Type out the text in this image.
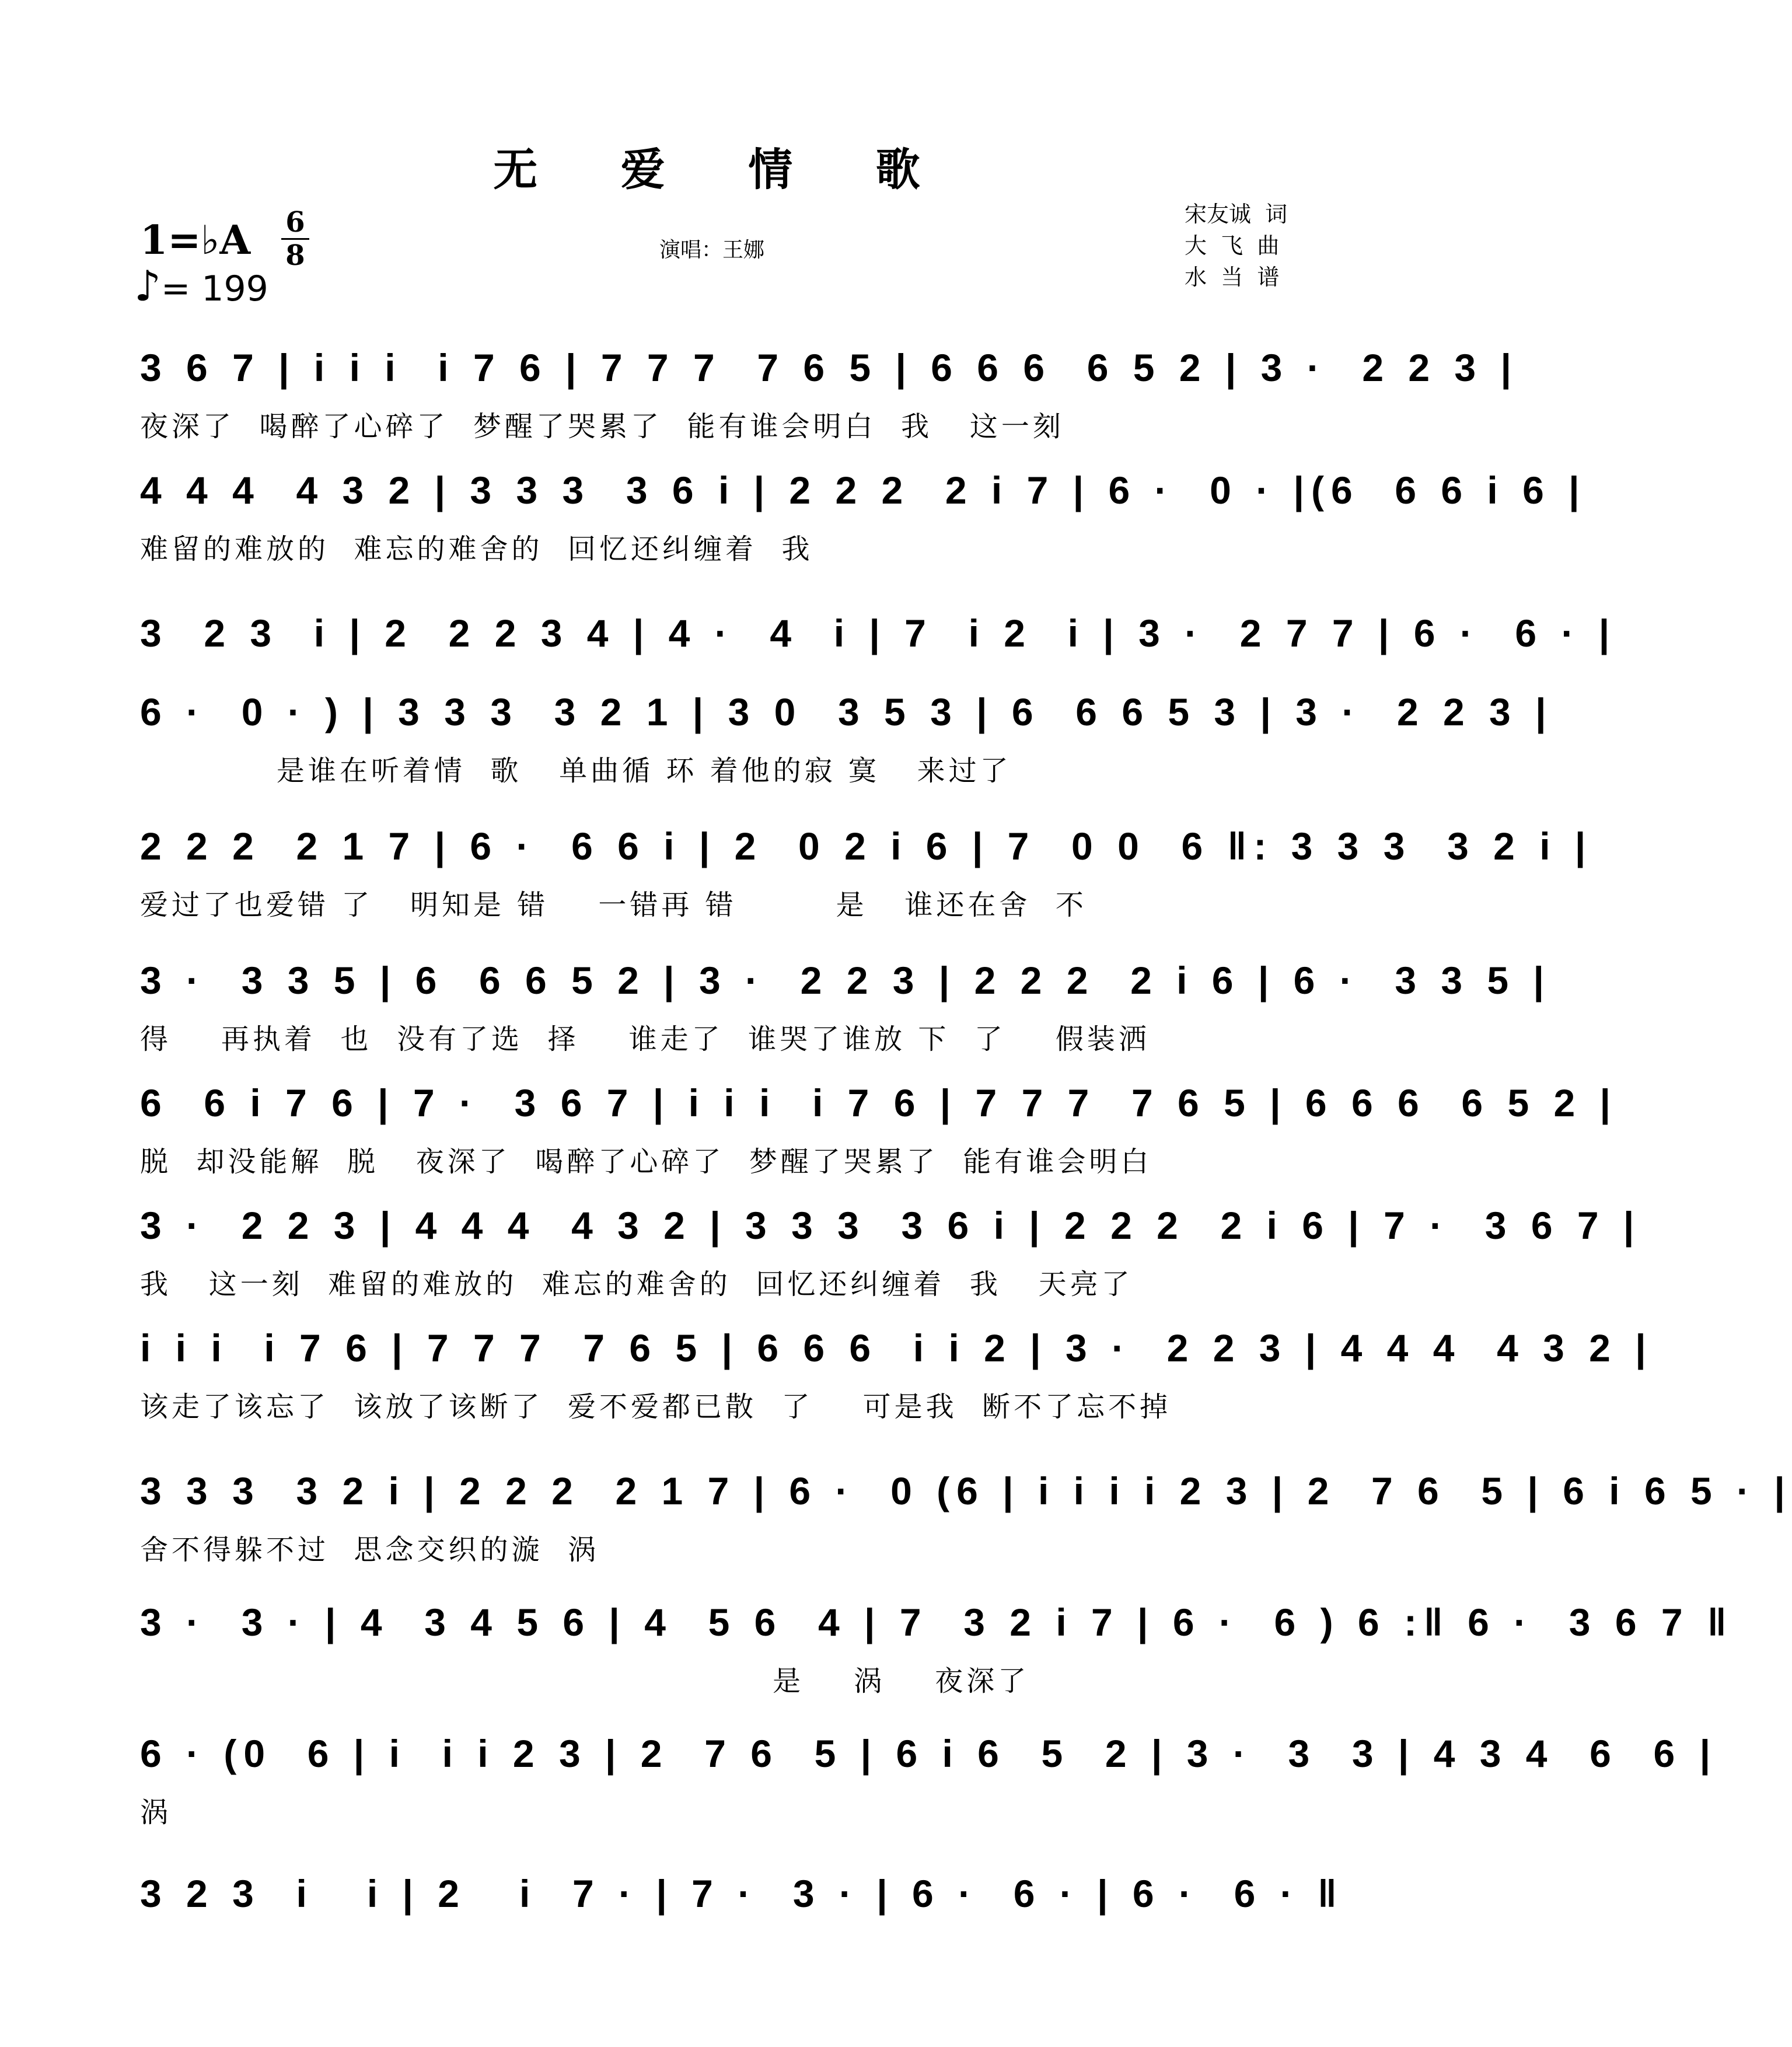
无 爱 情 歌
1=♭A 6
8
♪= 199
演唱：王娜
宋友诚  词
大  飞  曲
水  当  谱
3 6 7 | i i i  i 7 6 | 7 7 7  7 6 5 | 6 6 6  6 5 2 | 3 ·  2 2 3 |
夜深了  喝醉了心碎了  梦醒了哭累了  能有谁会明白  我   这一刻
4 4 4  4 3 2 | 3 3 3  3 6 i | 2 2 2  2 i 7 | 6 ·  0 · |(6  6 6 i 6 |
难留的难放的  难忘的难舍的  回忆还纠缠着  我
3  2 3  i | 2  2 2 3 4 | 4 ·  4  i | 7  i 2  i | 3 ·  2 7 7 | 6 ·  6 · |
6 ·  0 · ) | 3 3 3  3 2 1 | 3 0  3 5 3 | 6  6 6 5 3 | 3 ·  2 2 3 |
是谁在听着情  歌   单曲循 环 着他的寂 寞   来过了
2 2 2  2 1 7 | 6 ·  6 6 i | 2  0 2 i 6 | 7  0 0  6 ‖: 3 3 3  3 2 i |
爱过了也爱错 了   明知是 错    一错再 错        是   谁还在舍  不
3 ·  3 3 5 | 6  6 6 5 2 | 3 ·  2 2 3 | 2 2 2  2 i 6 | 6 ·  3 3 5 |
得    再执着  也  没有了选  择    谁走了  谁哭了谁放 下  了    假装洒
6  6 i 7 6 | 7 ·  3 6 7 | i i i  i 7 6 | 7 7 7  7 6 5 | 6 6 6  6 5 2 |
脱  却没能解  脱   夜深了  喝醉了心碎了  梦醒了哭累了  能有谁会明白
3 ·  2 2 3 | 4 4 4  4 3 2 | 3 3 3  3 6 i | 2 2 2  2 i 6 | 7 ·  3 6 7 |
我   这一刻  难留的难放的  难忘的难舍的  回忆还纠缠着  我   天亮了
i i i  i 7 6 | 7 7 7  7 6 5 | 6 6 6  i i 2 | 3 ·  2 2 3 | 4 4 4  4 3 2 |
该走了该忘了  该放了该断了  爱不爱都已散  了    可是我  断不了忘不掉
3 3 3  3 2 i | 2 2 2  2 1 7 | 6 ·  0 (6 | i i i i 2 3 | 2  7 6  5 | 6 i 6 5 · |
舍不得躲不过  思念交织的漩  涡
3 ·  3 · | 4  3 4 5 6 | 4  5 6  4 | 7  3 2 i 7 | 6 ·  6 ) 6 :‖ 6 ·  3 6 7 ‖
是    涡    夜深了
6 · (0  6 | i  i i 2 3 | 2  7 6  5 | 6 i 6  5  2 | 3 ·  3  3 | 4 3 4  6  6 |
涡
3 2 3  i   i | 2   i  7 · | 7 ·  3 · | 6 ·  6 · | 6 ·  6 · ‖
